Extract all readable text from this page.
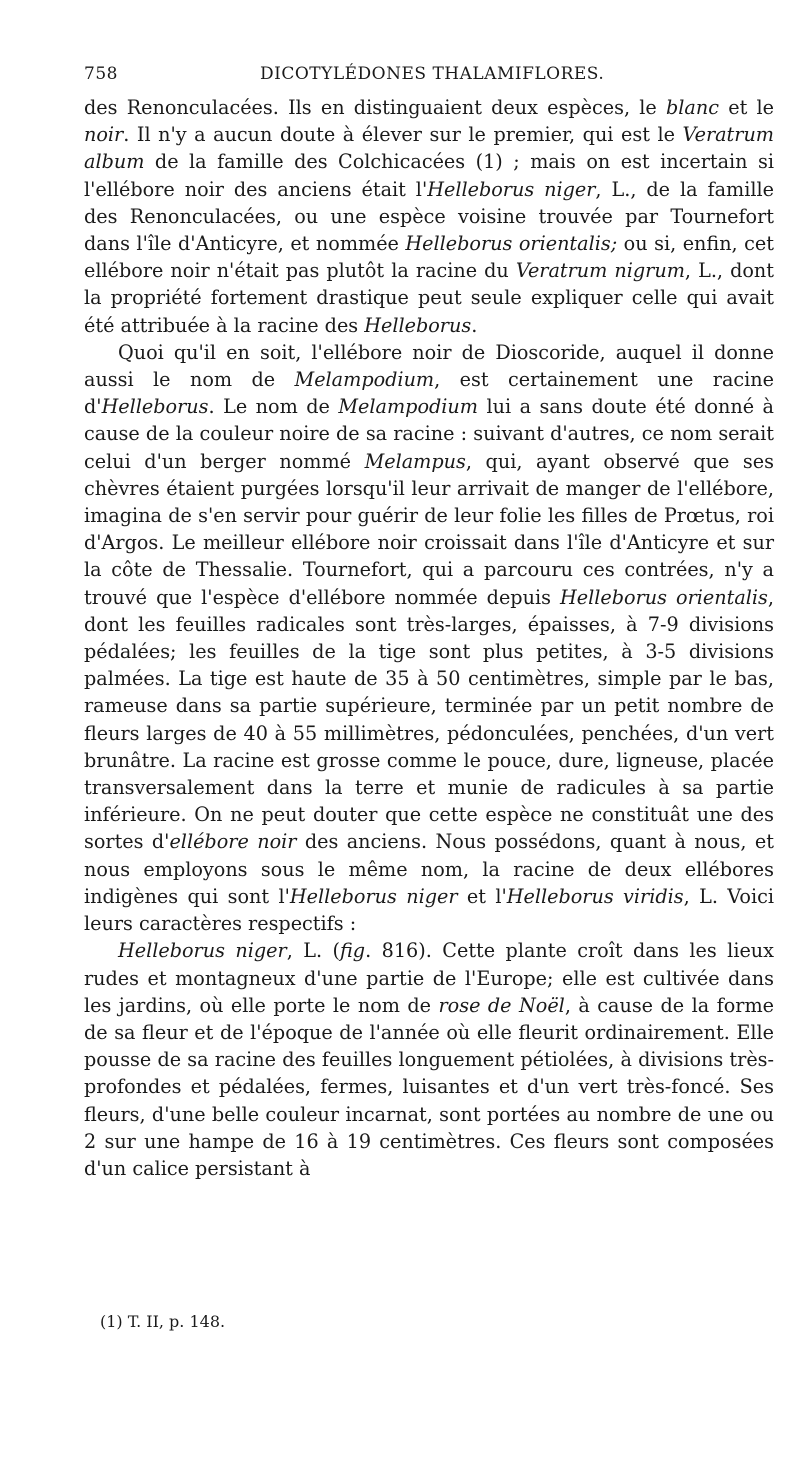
758	DICOTYLÉDONES THALAMIFLORES.

des Renonculacées. Ils en distinguaient deux espèces, le blanc et le noir. Il n'y a aucun doute à élever sur le premier, qui est le Veratrum album de la famille des Colchicacées (1) ; mais on est incertain si l'ellébore noir des anciens était l'Helleborus niger, L., de la famille des Renonculacées, ou une espèce voisine trouvée par Tournefort dans l'île d'Anticyre, et nommée Helleborus orientalis; ou si, enfin, cet ellébore noir n'était pas plutôt la racine du Veratrum nigrum, L., dont la propriété fortement drastique peut seule expliquer celle qui avait été attribuée à la racine des Helleborus.

Quoi qu'il en soit, l'ellébore noir de Dioscoride, auquel il donne aussi le nom de Melampodium, est certainement une racine d'Helleborus. Le nom de Melampodium lui a sans doute été donné à cause de la couleur noire de sa racine : suivant d'autres, ce nom serait celui d'un berger nommé Melampus, qui, ayant observé que ses chèvres étaient purgées lorsqu'il leur arrivait de manger de l'ellébore, imagina de s'en servir pour guérir de leur folie les filles de Prœtus, roi d'Argos. Le meilleur ellébore noir croissait dans l'île d'Anticyre et sur la côte de Thessalie. Tournefort, qui a parcouru ces contrées, n'y a trouvé que l'espèce d'ellébore nommée depuis Helleborus orientalis, dont les feuilles radicales sont très-larges, épaisses, à 7-9 divisions pédalées; les feuilles de la tige sont plus petites, à 3-5 divisions palmées. La tige est haute de 35 à 50 centimètres, simple par le bas, rameuse dans sa partie supérieure, terminée par un petit nombre de fleurs larges de 40 à 55 millimètres, pédonculées, penchées, d'un vert brunâtre. La racine est grosse comme le pouce, dure, ligneuse, placée transversalement dans la terre et munie de radicules à sa partie inférieure. On ne peut douter que cette espèce ne constituât une des sortes d'ellébore noir des anciens. Nous possédons, quant à nous, et nous employons sous le même nom, la racine de deux ellébores indigènes qui sont l'Helleborus niger et l'Helleborus viridis, L. Voici leurs caractères respectifs :

Helleborus niger, L. (fig. 816). Cette plante croît dans les lieux rudes et montagneux d'une partie de l'Europe; elle est cultivée dans les jardins, où elle porte le nom de rose de Noël, à cause de la forme de sa fleur et de l'époque de l'année où elle fleurit ordinairement. Elle pousse de sa racine des feuilles longuement pétiolées, à divisions très-profondes et pédalées, fermes, luisantes et d'un vert très-foncé. Ses fleurs, d'une belle couleur incarnat, sont portées au nombre de une ou 2 sur une hampe de 16 à 19 centimètres. Ces fleurs sont composées d'un calice persistant à

(1) T. II, p. 148.
